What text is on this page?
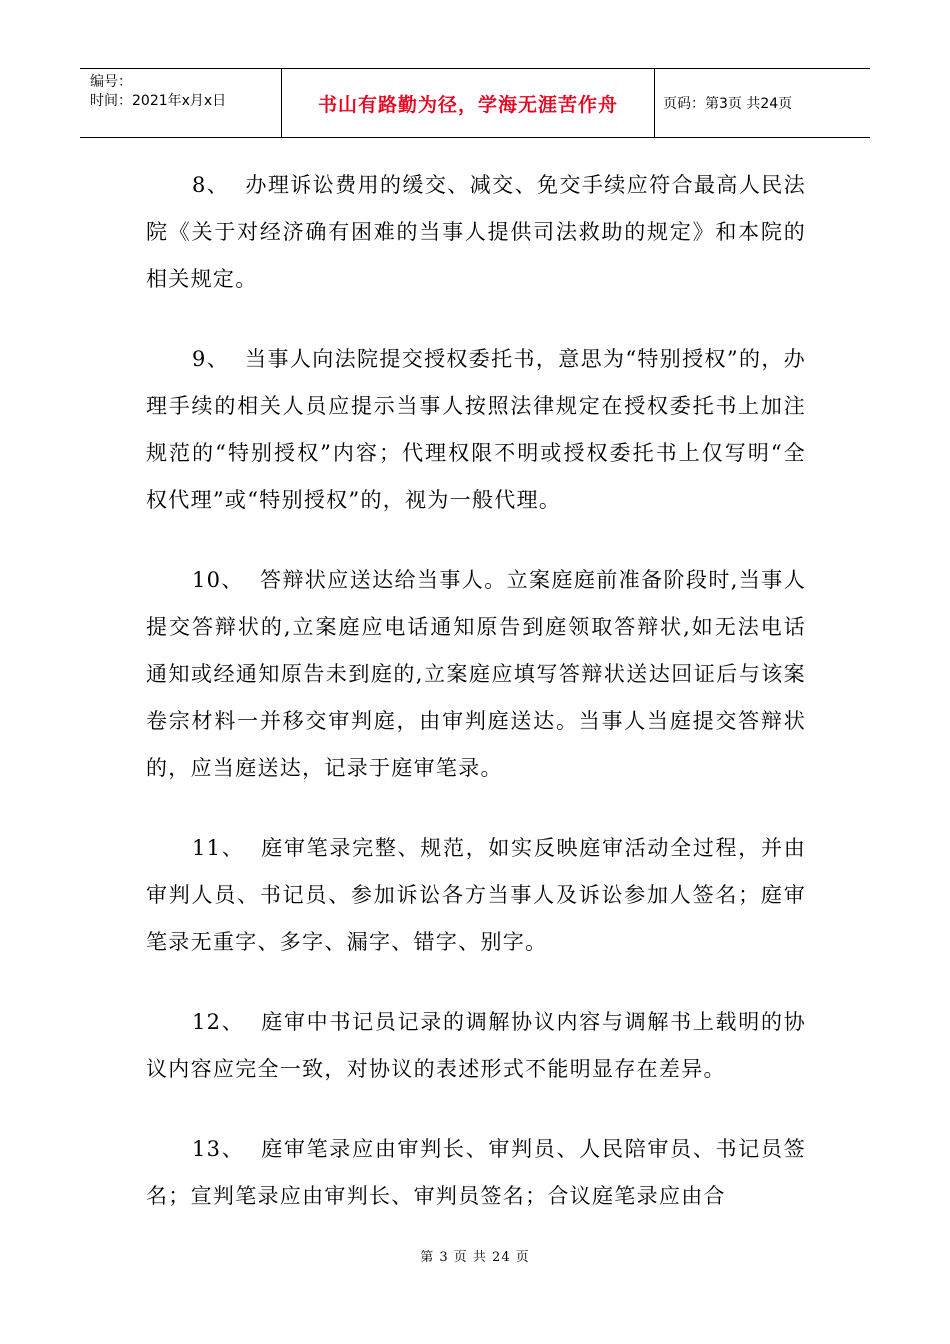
编号：
时间：2021年x月x日	书山有路勤为径，学海无涯苦作舟	页码：第3页 共24页

8、 办理诉讼费用的缓交、减交、免交手续应符合最高人民法院《关于对经济确有困难的当事人提供司法救助的规定》和本院的相关规定。

9、 当事人向法院提交授权委托书，意思为“特别授权”的，办理手续的相关人员应提示当事人按照法律规定在授权委托书上加注规范的“特别授权”内容；代理权限不明或授权委托书上仅写明“全权代理”或“特别授权”的，视为一般代理。

10、 答辩状应送达给当事人。立案庭庭前准备阶段时,当事人提交答辩状的,立案庭应电话通知原告到庭领取答辩状,如无法电话通知或经通知原告未到庭的,立案庭应填写答辩状送达回证后与该案卷宗材料一并移交审判庭，由审判庭送达。当事人当庭提交答辩状的，应当庭送达，记录于庭审笔录。

11、 庭审笔录完整、规范，如实反映庭审活动全过程，并由审判人员、书记员、参加诉讼各方当事人及诉讼参加人签名；庭审笔录无重字、多字、漏字、错字、别字。

12、 庭审中书记员记录的调解协议内容与调解书上载明的协议内容应完全一致，对协议的表述形式不能明显存在差异。

13、 庭审笔录应由审判长、审判员、人民陪审员、书记员签名；宣判笔录应由审判长、审判员签名；合议庭笔录应由合

第 3 页 共 24 页
